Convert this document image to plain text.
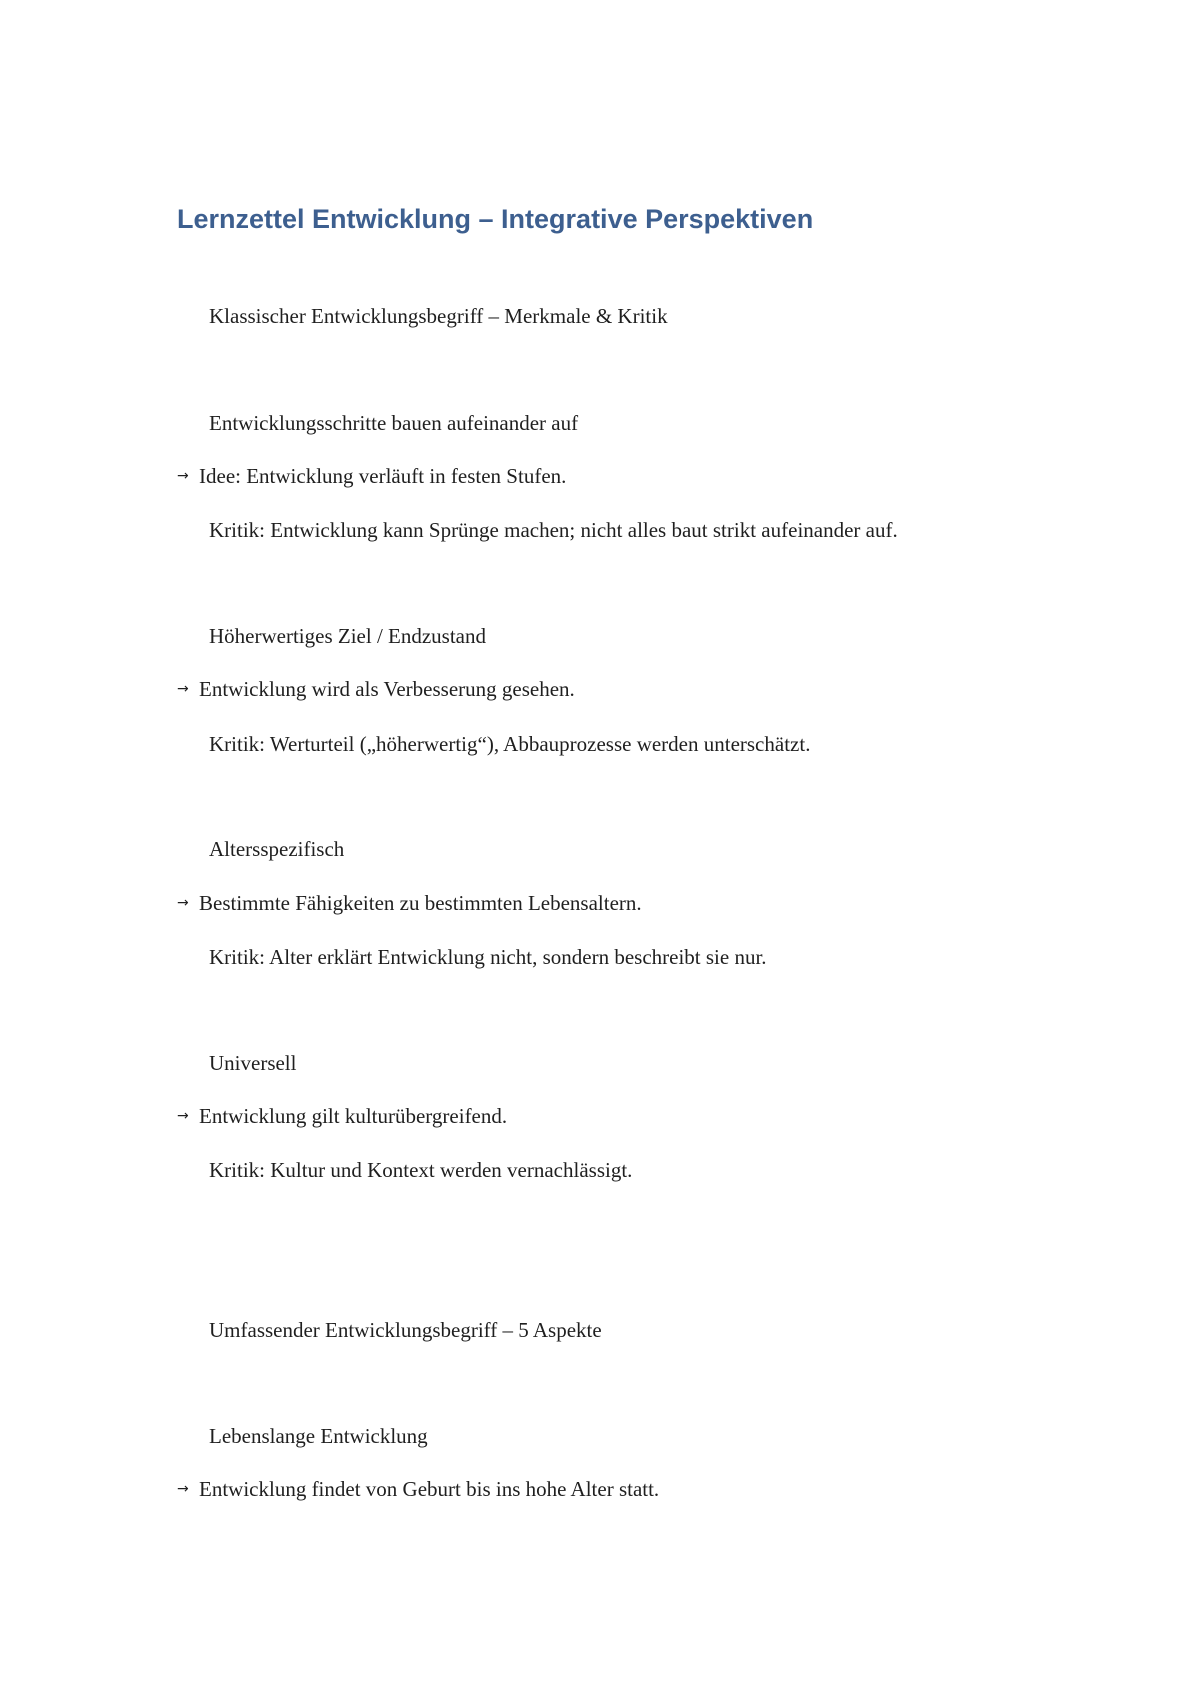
Lernzettel Entwicklung – Integrative Perspektiven
Klassischer Entwicklungsbegriff – Merkmale & Kritik
Entwicklungsschritte bauen aufeinander auf
→ Idee: Entwicklung verläuft in festen Stufen.
Kritik: Entwicklung kann Sprünge machen; nicht alles baut strikt aufeinander auf.
Höherwertiges Ziel / Endzustand
→ Entwicklung wird als Verbesserung gesehen.
Kritik: Werturteil („höherwertig“), Abbauprozesse werden unterschätzt.
Altersspezifisch
→ Bestimmte Fähigkeiten zu bestimmten Lebensaltern.
Kritik: Alter erklärt Entwicklung nicht, sondern beschreibt sie nur.
Universell
→ Entwicklung gilt kulturübergreifend.
Kritik: Kultur und Kontext werden vernachlässigt.
Umfassender Entwicklungsbegriff – 5 Aspekte
Lebenslange Entwicklung
→ Entwicklung findet von Geburt bis ins hohe Alter statt.
